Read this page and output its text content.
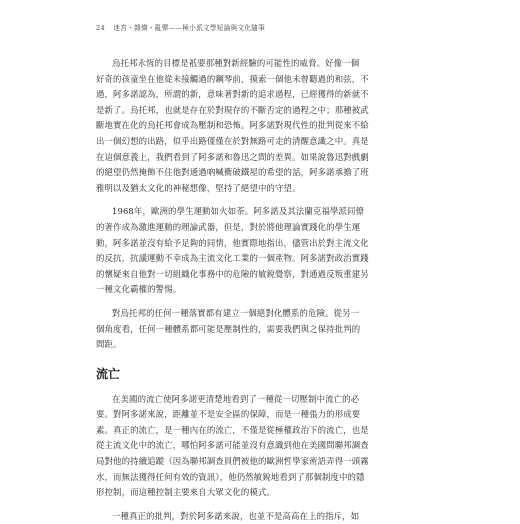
24 迷宮・雜燴・亂彈——極小派文學短論與文化隨筆

烏托邦永恆的目標是祇要那種對新經驗的可能性的威脅。好像一個
好奇的孩童坐在他從未接觸過的鋼琴前，摸索一個他未曾聽過的和弦，不
過，阿多諾認為，所謂的新，意味著對新的追求過程，已經獲得的新就不
是新了。烏托邦，也就是存在於對現存的不斷否定的過程之中；那種被武
斷地實在化的烏托邦會成為壓制和恐怖。阿多諾對現代性的批判從來不給
出一個幻想的出路，似乎出路僅僅在於對無路可走的清醒意識之中。真是
在這個意義上，我們看到了阿多諾和魯迅之間的差異。如果說魯迅對戲劇
的絕望仍然掩飾不住他對通過吶喊衝破鐵屋的希望的話，阿多諾承擔了班
雅明以及猶太文化的神秘想像，堅持了絕望中的守望。

1968年，歐洲的學生運動如火如荼。阿多諾及其法蘭克福學派同僚
的著作成為激進運動的理論武器，但是，對於將他理論實踐化的學生運
動，阿多諾並沒有給予足夠的同情，他實際地指出，儘管出於對主流文化
的反抗，抗議運動不幸成為主流文化工業的一個產物。阿多諾對政治實踐
的懷疑來自他對一切組織化事務中的危險的敏銳覺察，對通過反叛重建另
一種文化霸權的警惕。

對烏托邦的任何一種落實都有建立一個絕對化體系的危險。從另一
個角度看，任何一種體系都可能是壓制性的，需要我們與之保持批判的
間距。

流亡

在美國的流亡使阿多諾更清楚地看到了一種從一切壓制中流亡的必
要。對阿多諾來說，距離並不是安全區的保障，而是一種張力的形成要
素。真正的流亡，是一種內在的流亡，不僅是從極權政治下的流亡，也是
從主流文化中的流亡，哪怕阿多諾可能並沒有意識到他在美國問聯邦調查
局對他的持續追蹤（因為聯邦調查員們被他的歐洲哲學家術語弄得一頭霧
水，而無法獲得任何有效的資訊），他仍然敏銳地看到了那個制度中的隱
形控制，而這種控制主要來自大眾文化的模式。

一種真正的批判，對於阿多諾來說，也並不是高高在上的指斥，如
